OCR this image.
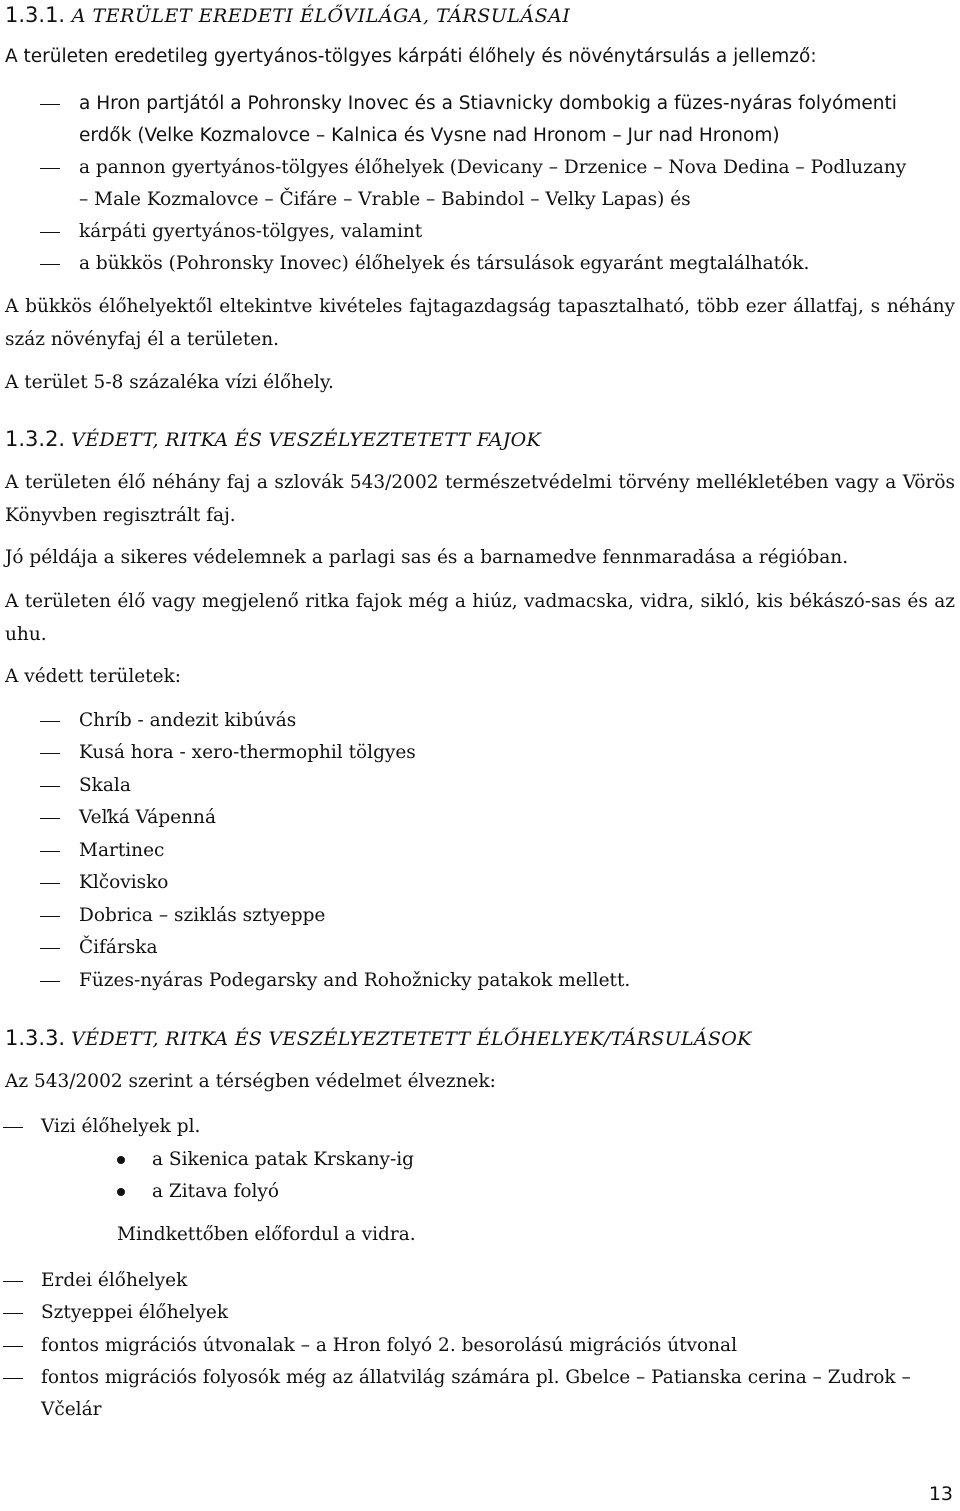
1.3.1. A TERÜLET EREDETI ÉLŐVILÁGA, TÁRSULÁSAI
A területen eredetileg gyertyános-tölgyes kárpáti élőhely és növénytársulás a jellemző:
a Hron partjától a Pohronsky Inovec és a Stiavnicky dombokig a füzes-nyáras folyómenti
erdők (Velke Kozmalovce – Kalnica és Vysne nad Hronom – Jur nad Hronom)
a pannon gyertyános-tölgyes élőhelyek (Devicany – Drzenice – Nova Dedina – Podluzany
– Male Kozmalovce – Čifáre – Vrable – Babindol – Velky Lapas) és
kárpáti gyertyános-tölgyes, valamint
a bükkös (Pohronsky Inovec) élőhelyek és társulások egyaránt megtalálhatók.
A bükkös élőhelyektől eltekintve kivételes fajtagazdagság tapasztalható, több ezer állatfaj, s néhány száz növényfaj él a területen.
A terület 5-8 százaléka vízi élőhely.
1.3.2. VÉDETT, RITKA ÉS VESZÉLYEZTETETT FAJOK
A területen élő néhány faj a szlovák 543/2002 természetvédelmi törvény mellékletében vagy a Vörös Könyvben regisztrált faj.
Jó példája a sikeres védelemnek a parlagi sas és a barnamedve fennmaradása a régióban.
A területen élő vagy megjelenő ritka fajok még a hiúz, vadmacska, vidra, sikló, kis békászó-sas és az uhu.
A védett területek:
Chríb - andezit kibúvás
Kusá hora - xero-thermophil tölgyes
Skala
Veľká Vápenná
Martinec
Klčovisko
Dobrica – sziklás sztyeppe
Čifárska
Füzes-nyáras Podegarsky and Rohožnicky patakok mellett.
1.3.3. VÉDETT, RITKA ÉS VESZÉLYEZTETETT ÉLŐHELYEK/TÁRSULÁSOK
Az 543/2002 szerint a térségben védelmet élveznek:
Vizi élőhelyek pl.
a Sikenica patak Krskany-ig
a Zitava folyó
Mindkettőben előfordul a vidra.
Erdei élőhelyek
Sztyeppei élőhelyek
fontos migrációs útvonalak – a Hron folyó 2. besorolású migrációs útvonal
fontos migrációs folyosók még az állatvilág számára pl. Gbelce – Patianska cerina – Zudrok –
Včelár
13
